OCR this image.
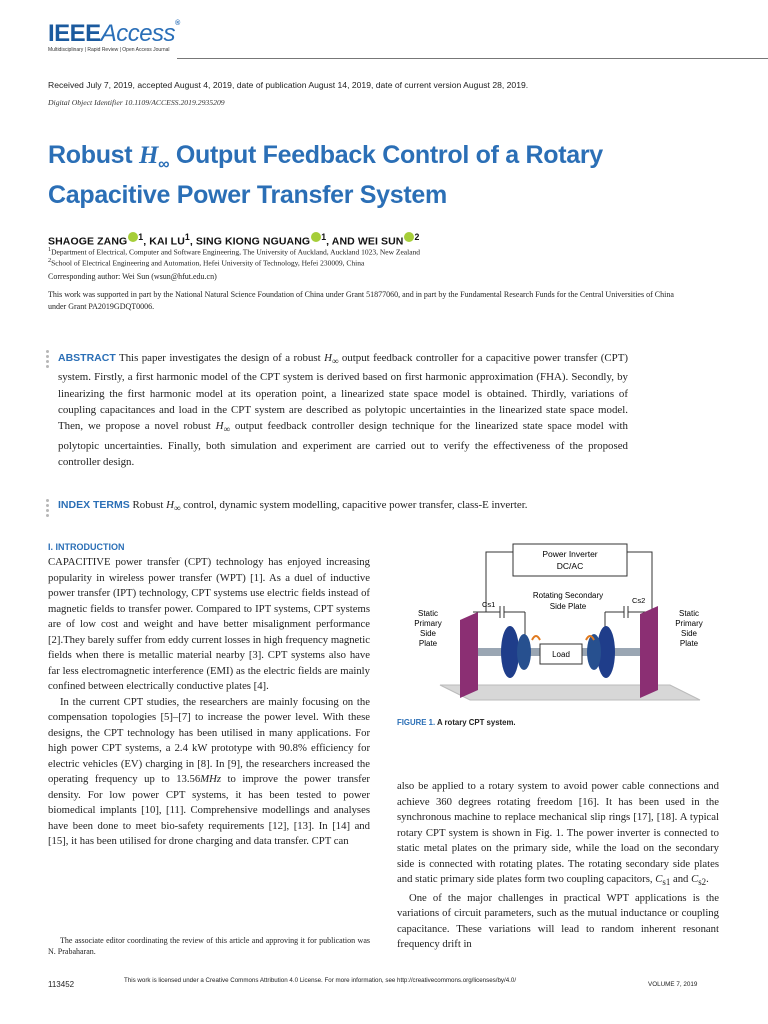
IEEEAccess®
Multidisciplinary | Rapid Review | Open Access Journal
Received July 7, 2019, accepted August 4, 2019, date of publication August 14, 2019, date of current version August 28, 2019.
Digital Object Identifier 10.1109/ACCESS.2019.2935209
Robust $H_\infty$ Output Feedback Control of a Rotary
Capacitive Power Transfer System
SHAOGE ZANG $^1$, KAI $LU^1$, SING KIONG NGUANG $^1$, AND WEI SUN $^2$
$^1$Department of Electrical, Computer and Software Engineering, The University of Auckland, Auckland 1023, New Zealand
$^2$School of Electrical Engineering and Automation, Hefei University of Technology, Hefei 230009, China
Corresponding author: Wei Sun (wsun@hfut.edu.cn)
This work was supported in part by the National Natural Science Foundation of China under Grant 51877060, and in part by the Fundamental Research Funds for the Central Universities of China under Grant PA2019GDQT0006.
ABSTRACT This paper investigates the design of a robust $H_\infty$ output feedback controller for a capacitive power transfer (CPT) system. Firstly, a first harmonic model of the CPT system is derived based on first harmonic approximation (FHA). Secondly, by linearizing the first harmonic model at its operation point, a linearized state space model is obtained. Thirdly, variations of coupling capacitances and load in the CPT system are described as polytopic uncertainties in the linearized state space model. Then, we propose a novel robust $H_\infty$ output feedback controller design technique for the linearized state space model with polytopic uncertainties. Finally, both simulation and experiment are carried out to verify the effectiveness of the proposed controller design.
INDEX TERMS Robust $H_\infty$ control, dynamic system modelling, capacitive power transfer, class-E inverter.
I. INTRODUCTION

CAPACITIVE power transfer (CPT) technology has enjoyed increasing popularity in wireless power transfer (WPT) [1]. As a duel of inductive power transfer (IPT) technology, CPT systems use electric fields instead of magnetic fields to transfer power. Compared to IPT systems, CPT systems are of low cost and weight and have better misalignment performance [2].They barely suffer from eddy current losses in high frequency magnetic fields when there is metallic material nearby [3]. CPT systems also have far less electromagnetic interference (EMI) as the electric fields are mainly confined between electrically conductive plates [4].

In the current CPT studies, the researchers are mainly focusing on the compensation topologies [5]–[7] to increase the power level. With these designs, the CPT technology has been utilised in many applications. For high power CPT systems, a 2.4 kW prototype with 90.8% efficiency for electric vehicles (EV) charging in [8]. In [9], the researchers increased the operating frequency up to 13.56MHz to improve the power transfer density. For low power CPT systems, it has been tested to power biomedical implants [10], [11]. Comprehensive modellings and analyses have been done to meet bio-safety requirements [12], [13]. In [14] and [15], it has been utilised for drone charging and data transfer. CPT can

Power Inverter
DC/AC
Cs1	Cs2
Rotating Secondary
Side Plate
Static
Primary
Side
Plate
Static
Primary
Side
Plate
Load
FIGURE 1. A rotary CPT system.

also be applied to a rotary system to avoid power cable connections and achieve 360 degrees rotating freedom [16]. It has been used in the synchronous machine to replace mechanical slip rings [17], [18]. A typical rotary CPT system is shown in Fig. 1. The power inverter is connected to static metal plates on the primary side, while the load on the secondary side is connected with rotating plates. The rotating secondary side plates and static primary side plates form two coupling capacitors, $C_{s1}$ and $C_{s2}$.

One of the major challenges in practical WPT applications is the variations of circuit parameters, such as the mutual inductance or coupling capacitance. These variations will lead to random inherent resonant frequency drift in

The associate editor coordinating the review of this article and approving it for publication was N. Prabaharan.
113452	This work is licensed under a Creative Commons Attribution 4.0 License. For more information, see http://creativecommons.org/licenses/by/4.0/
VOLUME 7, 2019
